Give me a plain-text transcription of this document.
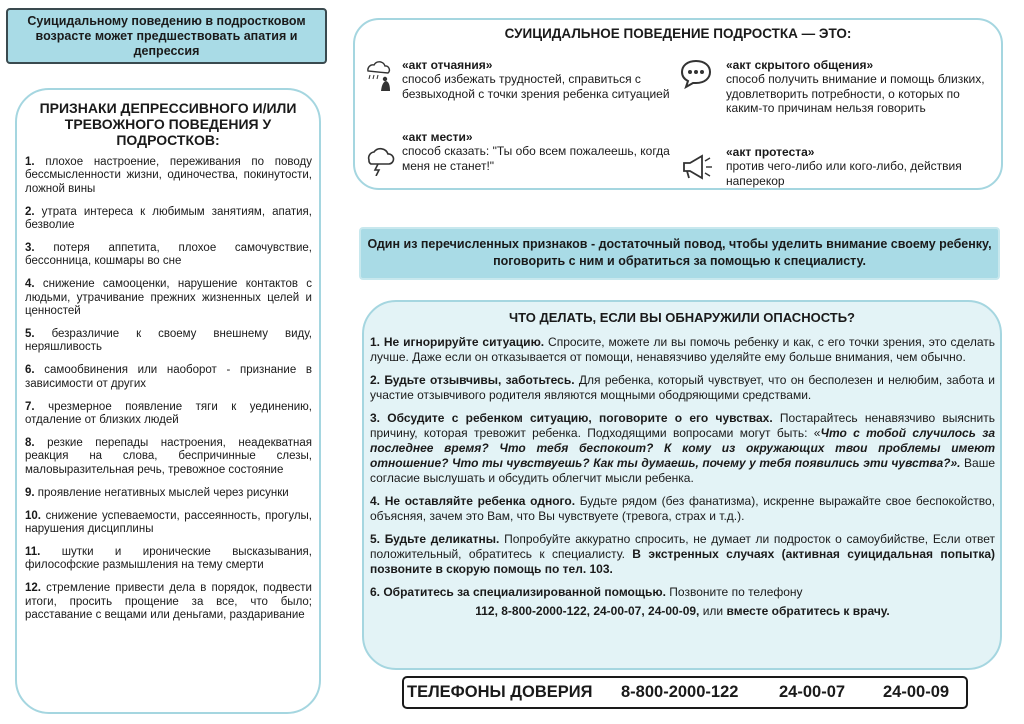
Суицидальному поведению в подростковом возрасте может предшествовать апатия и депрессия
ПРИЗНАКИ ДЕПРЕССИВНОГО И/ИЛИ ТРЕВОЖНОГО ПОВЕДЕНИЯ У ПОДРОСТКОВ:
1. плохое настроение, переживания по поводу бессмысленности жизни, одиночества, покинутости, ложной вины
2. утрата интереса к любимым занятиям, апатия, безволие
3. потеря аппетита, плохое самочувствие, бессонница, кошмары во сне
4. снижение самооценки, нарушение контактов с людьми, утрачивание прежних жизненных целей и ценностей
5. безразличие к своему внешнему виду, неряшливость
6. самообвинения или наоборот - признание в зависимости от других
7. чрезмерное появление тяги к уединению, отдаление от близких людей
8. резкие перепады настроения, неадекватная реакция на слова, беспричинные слезы, маловыразительная речь, тревожное состояние
9. проявление негативных мыслей через рисунки
10. снижение успеваемости, рассеянность, прогулы, нарушения дисциплины
11. шутки и иронические высказывания, философские размышления на тему смерти
12. стремление привести дела в порядок, подвести итоги, просить прощение за все, что было; расставание с вещами или деньгами, раздаривание
СУИЦИДАЛЬНОЕ ПОВЕДЕНИЕ ПОДРОСТКА — ЭТО:
«акт отчаяния»
способ избежать трудностей, справиться с безвыходной с точки зрения ребенка ситуацией
«акт скрытого общения»
способ получить внимание и помощь близких, удовлетворить потребности, о которых по каким-то причинам нельзя говорить
«акт мести»
способ сказать: "Ты обо всем пожалеешь, когда меня не станет!"
«акт протеста»
против чего-либо или кого-либо, действия наперекор
Один из перечисленных признаков - достаточный повод, чтобы уделить внимание своему ребенку, поговорить с ним и обратиться за помощью к специалисту.
ЧТО ДЕЛАТЬ, ЕСЛИ ВЫ ОБНАРУЖИЛИ ОПАСНОСТЬ?

1. Не игнорируйте ситуацию. Спросите, можете ли вы помочь ребенку и как, с его точки зрения, это сделать лучше. Даже если он отказывается от помощи, ненавязчиво уделяйте ему больше внимания, чем обычно.

2. Будьте отзывчивы, заботьтесь. Для ребенка, который чувствует, что он бесполезен и нелюбим, забота и участие отзывчивого родителя являются мощными ободряющими средствами.

3. Обсудите с ребенком ситуацию, поговорите о его чувствах. Постарайтесь ненавязчиво выяснить причину, которая тревожит ребенка. Подходящими вопросами могут быть: «Что с тобой случилось за последнее время? Что тебя беспокоит? К кому из окружающих твои проблемы имеют отношение? Что ты чувствуешь? Как ты думаешь, почему у тебя появились эти чувства?». Ваше согласие выслушать и обсудить облегчит мысли ребенка.

4. Не оставляйте ребенка одного. Будьте рядом (без фанатизма), искренне выражайте свое беспокойство, объясняя, зачем это Вам, что Вы чувствуете (тревога, страх и т.д.).

5. Будьте деликатны. Попробуйте аккуратно спросить, не думает ли подросток о самоубийстве, Если ответ положительный, обратитесь к специалисту. В экстренных случаях (активная суицидальная попытка) позвоните в скорую помощь по тел. 103.

6. Обратитесь за специализированной помощью. Позвоните по телефону

112, 8-800-2000-122, 24-00-07, 24-00-09, или вместе обратитесь к врачу.

ТЕЛЕФОНЫ ДОВЕРИЯ	8-800-2000-122	24-00-07	24-00-09
